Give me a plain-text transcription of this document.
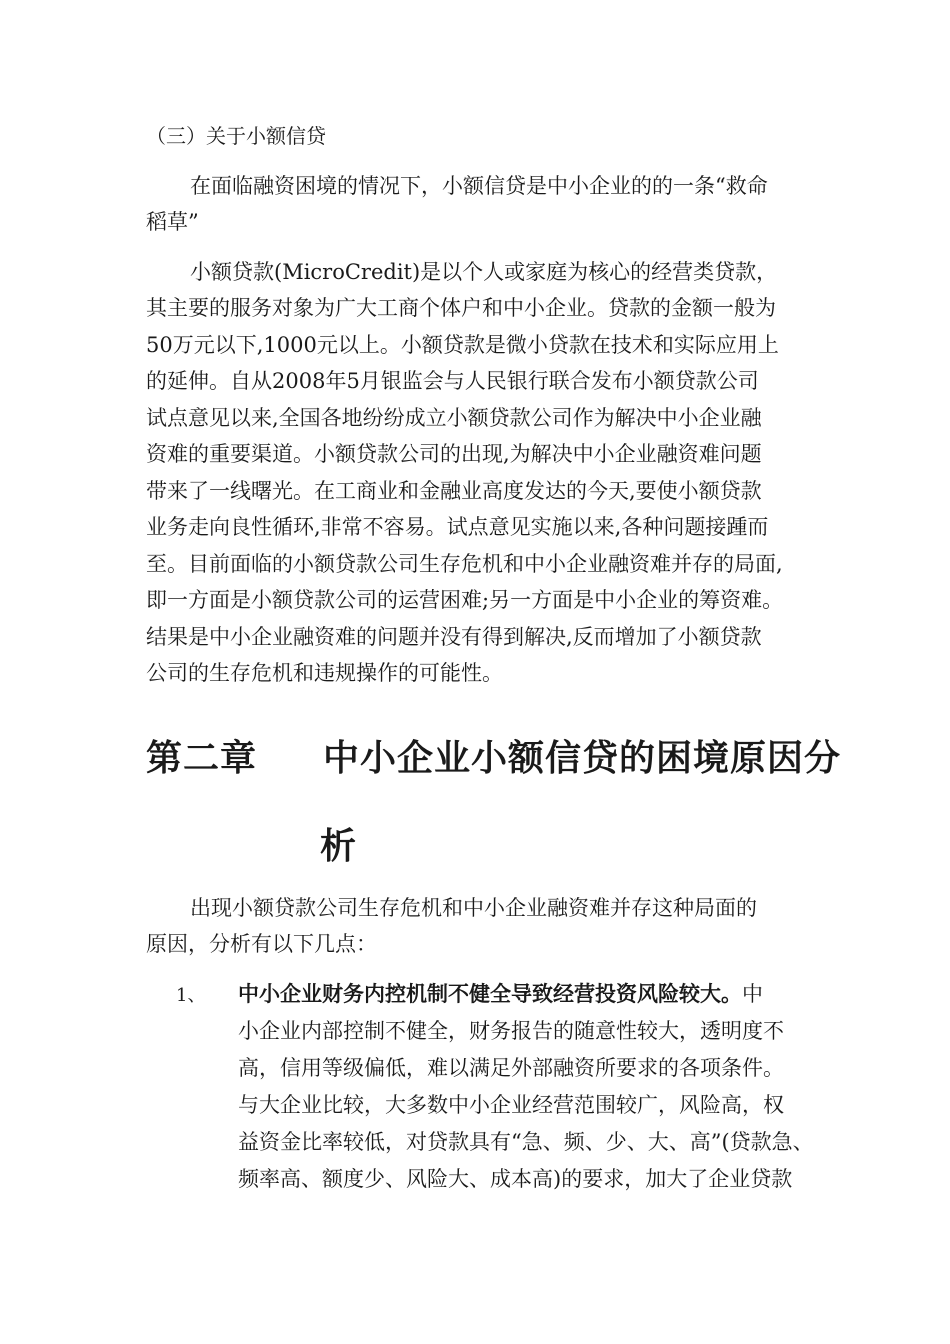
（三）关于小额信贷
在面临融资困境的情况下，小额信贷是中小企业的的一条“救命
稻草”
小额贷款(MicroCredit)是以个人或家庭为核心的经营类贷款，
其主要的服务对象为广大工商个体户和中小企业。贷款的金额一般为
50万元以下,1000元以上。小额贷款是微小贷款在技术和实际应用上
的延伸。自从2008年5月银监会与人民银行联合发布小额贷款公司
试点意见以来,全国各地纷纷成立小额贷款公司作为解决中小企业融
资难的重要渠道。小额贷款公司的出现,为解决中小企业融资难问题
带来了一线曙光。在工商业和金融业高度发达的今天,要使小额贷款
业务走向良性循环,非常不容易。试点意见实施以来,各种问题接踵而
至。目前面临的小额贷款公司生存危机和中小企业融资难并存的局面,
即一方面是小额贷款公司的运营困难;另一方面是中小企业的筹资难。
结果是中小企业融资难的问题并没有得到解决,反而增加了小额贷款
公司的生存危机和违规操作的可能性。
第二章 中小企业小额信贷的困境原因分
析
出现小额贷款公司生存危机和中小企业融资难并存这种局面的
原因，分析有以下几点：
1、 中小企业财务内控机制不健全导致经营投资风险较大。中
小企业内部控制不健全，财务报告的随意性较大，透明度不
高，信用等级偏低，难以满足外部融资所要求的各项条件。
与大企业比较，大多数中小企业经营范围较广，风险高，权
益资金比率较低，对贷款具有“急、频、少、大、高”(贷款急、
频率高、额度少、风险大、成本高)的要求，加大了企业贷款
